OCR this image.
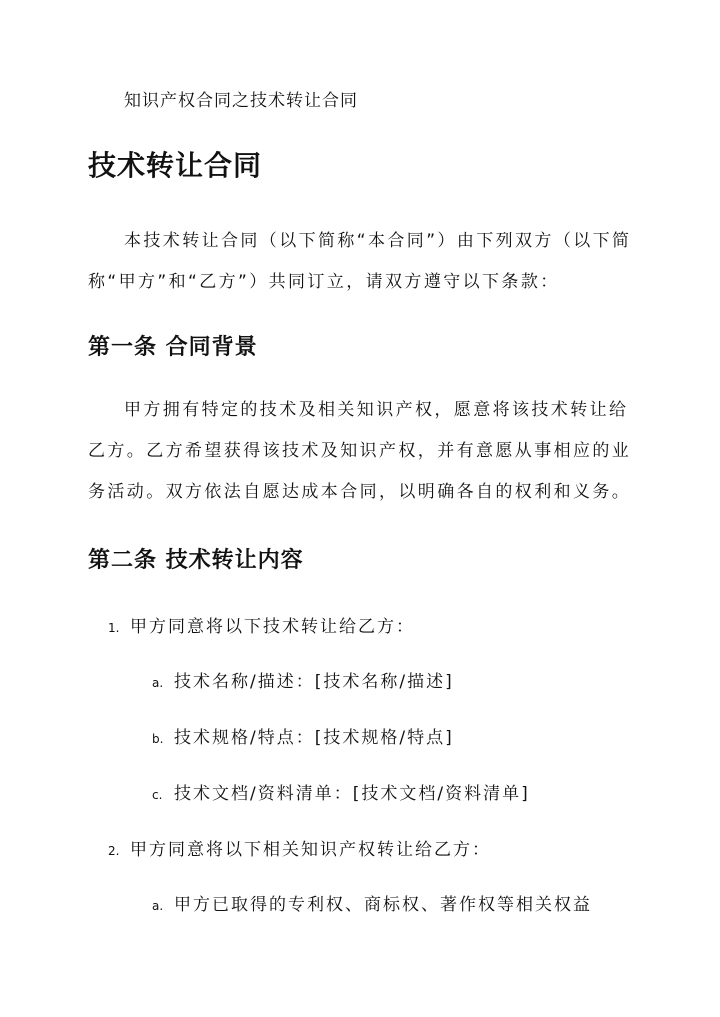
知识产权合同之技术转让合同
技术转让合同

本技术转让合同（以下简称“本合同”）由下列双方（以下简称“甲方”和“乙方”）共同订立，请双方遵守以下条款：

第一条 合同背景

甲方拥有特定的技术及相关知识产权，愿意将该技术转让给乙方。乙方希望获得该技术及知识产权，并有意愿从事相应的业务活动。双方依法自愿达成本合同，以明确各自的权利和义务。

第二条 技术转让内容
1. 甲方同意将以下技术转让给乙方：
a. 技术名称/描述：[技术名称/描述]
b. 技术规格/特点：[技术规格/特点]
c. 技术文档/资料清单：[技术文档/资料清单]
2. 甲方同意将以下相关知识产权转让给乙方：
a. 甲方已取得的专利权、商标权、著作权等相关权益
